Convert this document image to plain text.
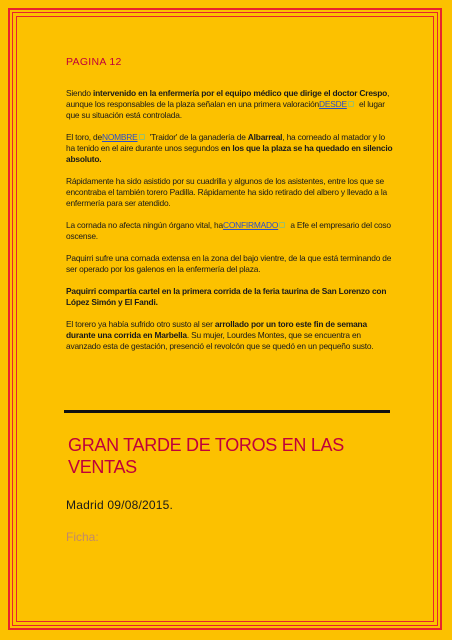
PAGINA 12

Siendo intervenido en la enfermería por el equipo médico que dirige el doctor Crespo, aunque los responsables de la plaza señalan en una primera valoraciónDESDE el lugar que su situación está controlada.

El toro, deNOMBRE 'Traidor' de la ganadería de Albarreal, ha corneado al matador y lo ha tenido en el aire durante unos segundos en los que la plaza se ha quedado en silencio absoluto.

Rápidamente ha sido asistido por su cuadrilla y algunos de los asistentes, entre los que se encontraba el también torero Padilla. Rápidamente ha sido retirado del albero y llevado a la enfermería para ser atendido.

La cornada no afecta ningún órgano vital, haCONFIRMADO a Efe el empresario del coso oscense.

Paquirri sufre una cornada extensa en la zona del bajo vientre, de la que está terminando de ser operado por los galenos en la enfermería del plaza.

Paquirri compartía cartel en la primera corrida de la feria taurina de San Lorenzo con López Simón y El Fandi.

El torero ya había sufrido otro susto al ser arrollado por un toro este fin de semana durante una corrida en Marbella. Su mujer, Lourdes Montes, que se encuentra en avanzado esta de gestación, presenció el revolcón que se quedó en un pequeño susto.

GRAN TARDE DE TOROS EN LAS VENTAS
Madrid 09/08/2015.
Ficha:
